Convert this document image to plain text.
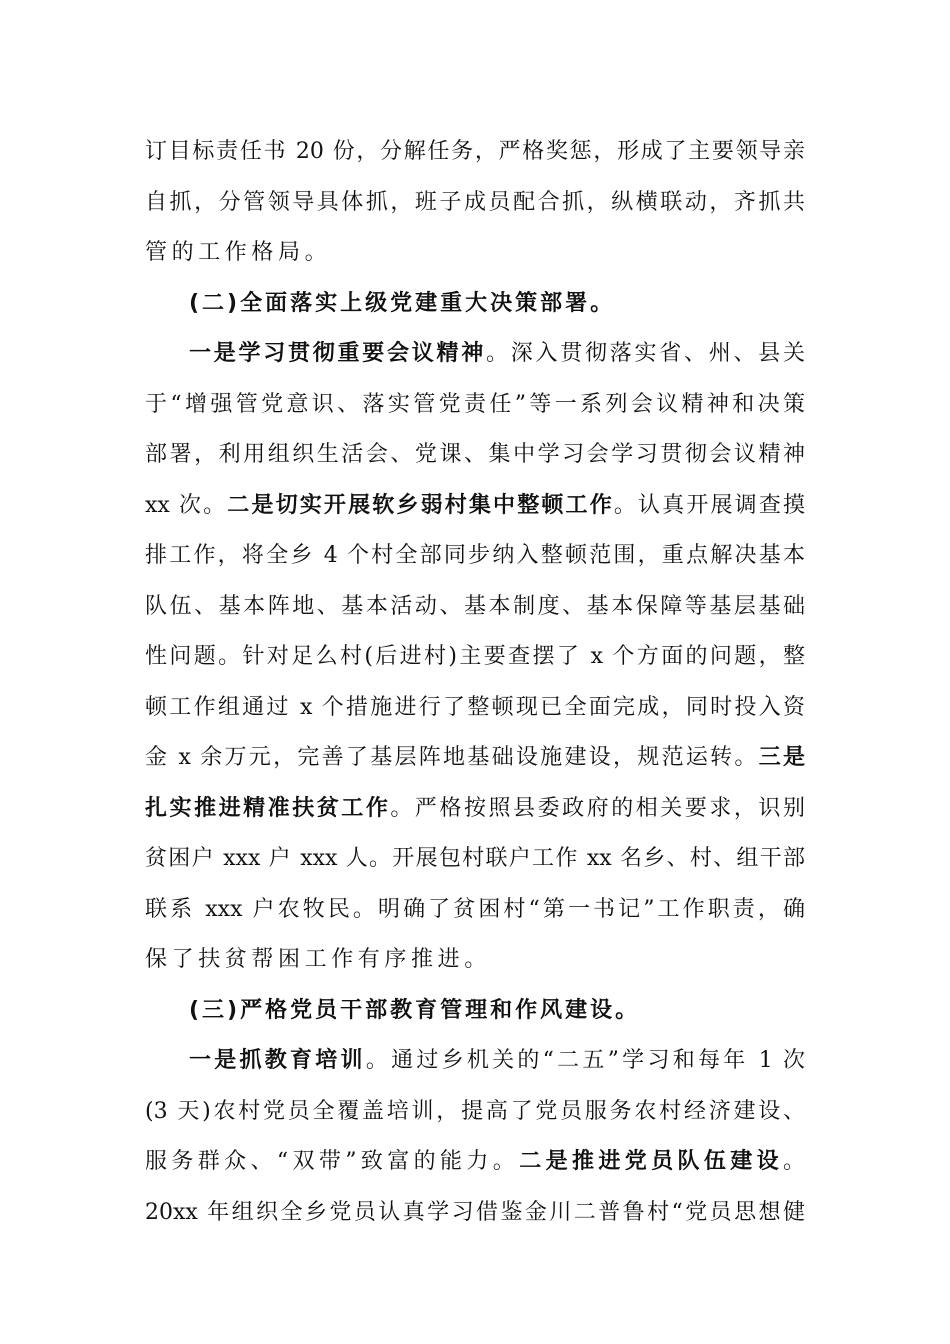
订目标责任书 20 份，分解任务，严格奖惩，形成了主要领导亲
自抓，分管领导具体抓，班子成员配合抓，纵横联动，齐抓共
管的工作格局。
(二)全面落实上级党建重大决策部署。
一是学习贯彻重要会议精神。深入贯彻落实省、州、县关
于“增强管党意识、落实管党责任”等一系列会议精神和决策
部署，利用组织生活会、党课、集中学习会学习贯彻会议精神
xx 次。二是切实开展软乡弱村集中整顿工作。认真开展调查摸
排工作，将全乡 4 个村全部同步纳入整顿范围，重点解决基本
队伍、基本阵地、基本活动、基本制度、基本保障等基层基础
性问题。针对足么村(后进村)主要查摆了 x 个方面的问题，整
顿工作组通过 x 个措施进行了整顿现已全面完成，同时投入资
金 x 余万元，完善了基层阵地基础设施建设，规范运转。三是
扎实推进精准扶贫工作。严格按照县委政府的相关要求，识别
贫困户 xxx 户 xxx 人。开展包村联户工作 xx 名乡、村、组干部
联系 xxx 户农牧民。明确了贫困村“第一书记”工作职责，确
保了扶贫帮困工作有序推进。
(三)严格党员干部教育管理和作风建设。
一是抓教育培训。通过乡机关的“二五”学习和每年 1 次
(3 天)农村党员全覆盖培训，提高了党员服务农村经济建设、
服务群众、“双带”致富的能力。二是推进党员队伍建设。
20xx 年组织全乡党员认真学习借鉴金川二普鲁村“党员思想健
